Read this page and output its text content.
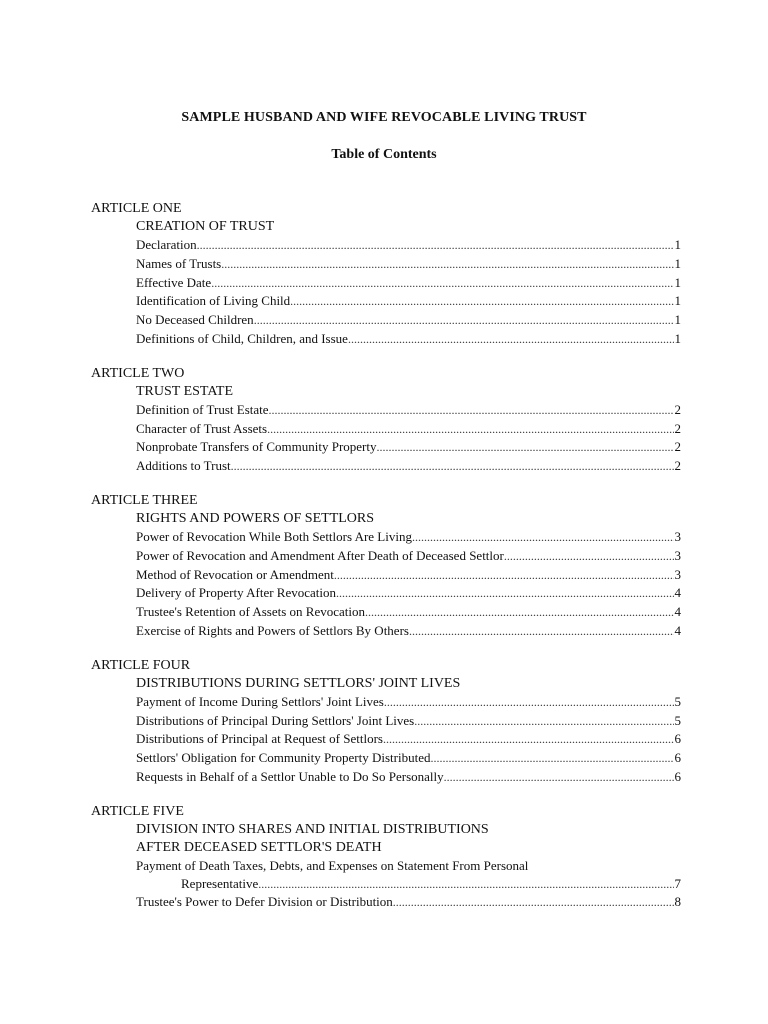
SAMPLE HUSBAND AND WIFE REVOCABLE LIVING TRUST
Table of Contents
ARTICLE ONE
CREATION OF TRUST
Declaration .....	1
Names of Trusts .....	1
Effective Date .....	1
Identification of Living Child .....	1
No Deceased Children .....	1
Definitions of Child, Children, and Issue .....	1
ARTICLE TWO
TRUST ESTATE
Definition of Trust Estate .....	2
Character of Trust Assets .....	2
Nonprobate Transfers of Community Property .....	2
Additions to Trust .....	2
ARTICLE THREE
RIGHTS AND POWERS OF SETTLORS
Power of Revocation While Both Settlors Are Living .....	3
Power of Revocation and Amendment After Death of Deceased Settlor .....	3
Method of Revocation or Amendment .....	3
Delivery of Property After Revocation .....	4
Trustee's Retention of Assets on Revocation .....	4
Exercise of Rights and Powers of Settlors By Others .....	4
ARTICLE FOUR
DISTRIBUTIONS DURING SETTLORS' JOINT LIVES
Payment of Income During Settlors' Joint Lives .....	5
Distributions of Principal During Settlors' Joint Lives .....	5
Distributions of Principal at Request of Settlors .....	6
Settlors' Obligation for Community Property Distributed .....	6
Requests in Behalf of a Settlor Unable to Do So Personally .....	6
ARTICLE FIVE
DIVISION INTO SHARES AND INITIAL DISTRIBUTIONS
AFTER DECEASED SETTLOR'S DEATH
Payment of Death Taxes, Debts, and Expenses on Statement From Personal
Representative .....	7
Trustee's Power to Defer Division or Distribution .....	8
